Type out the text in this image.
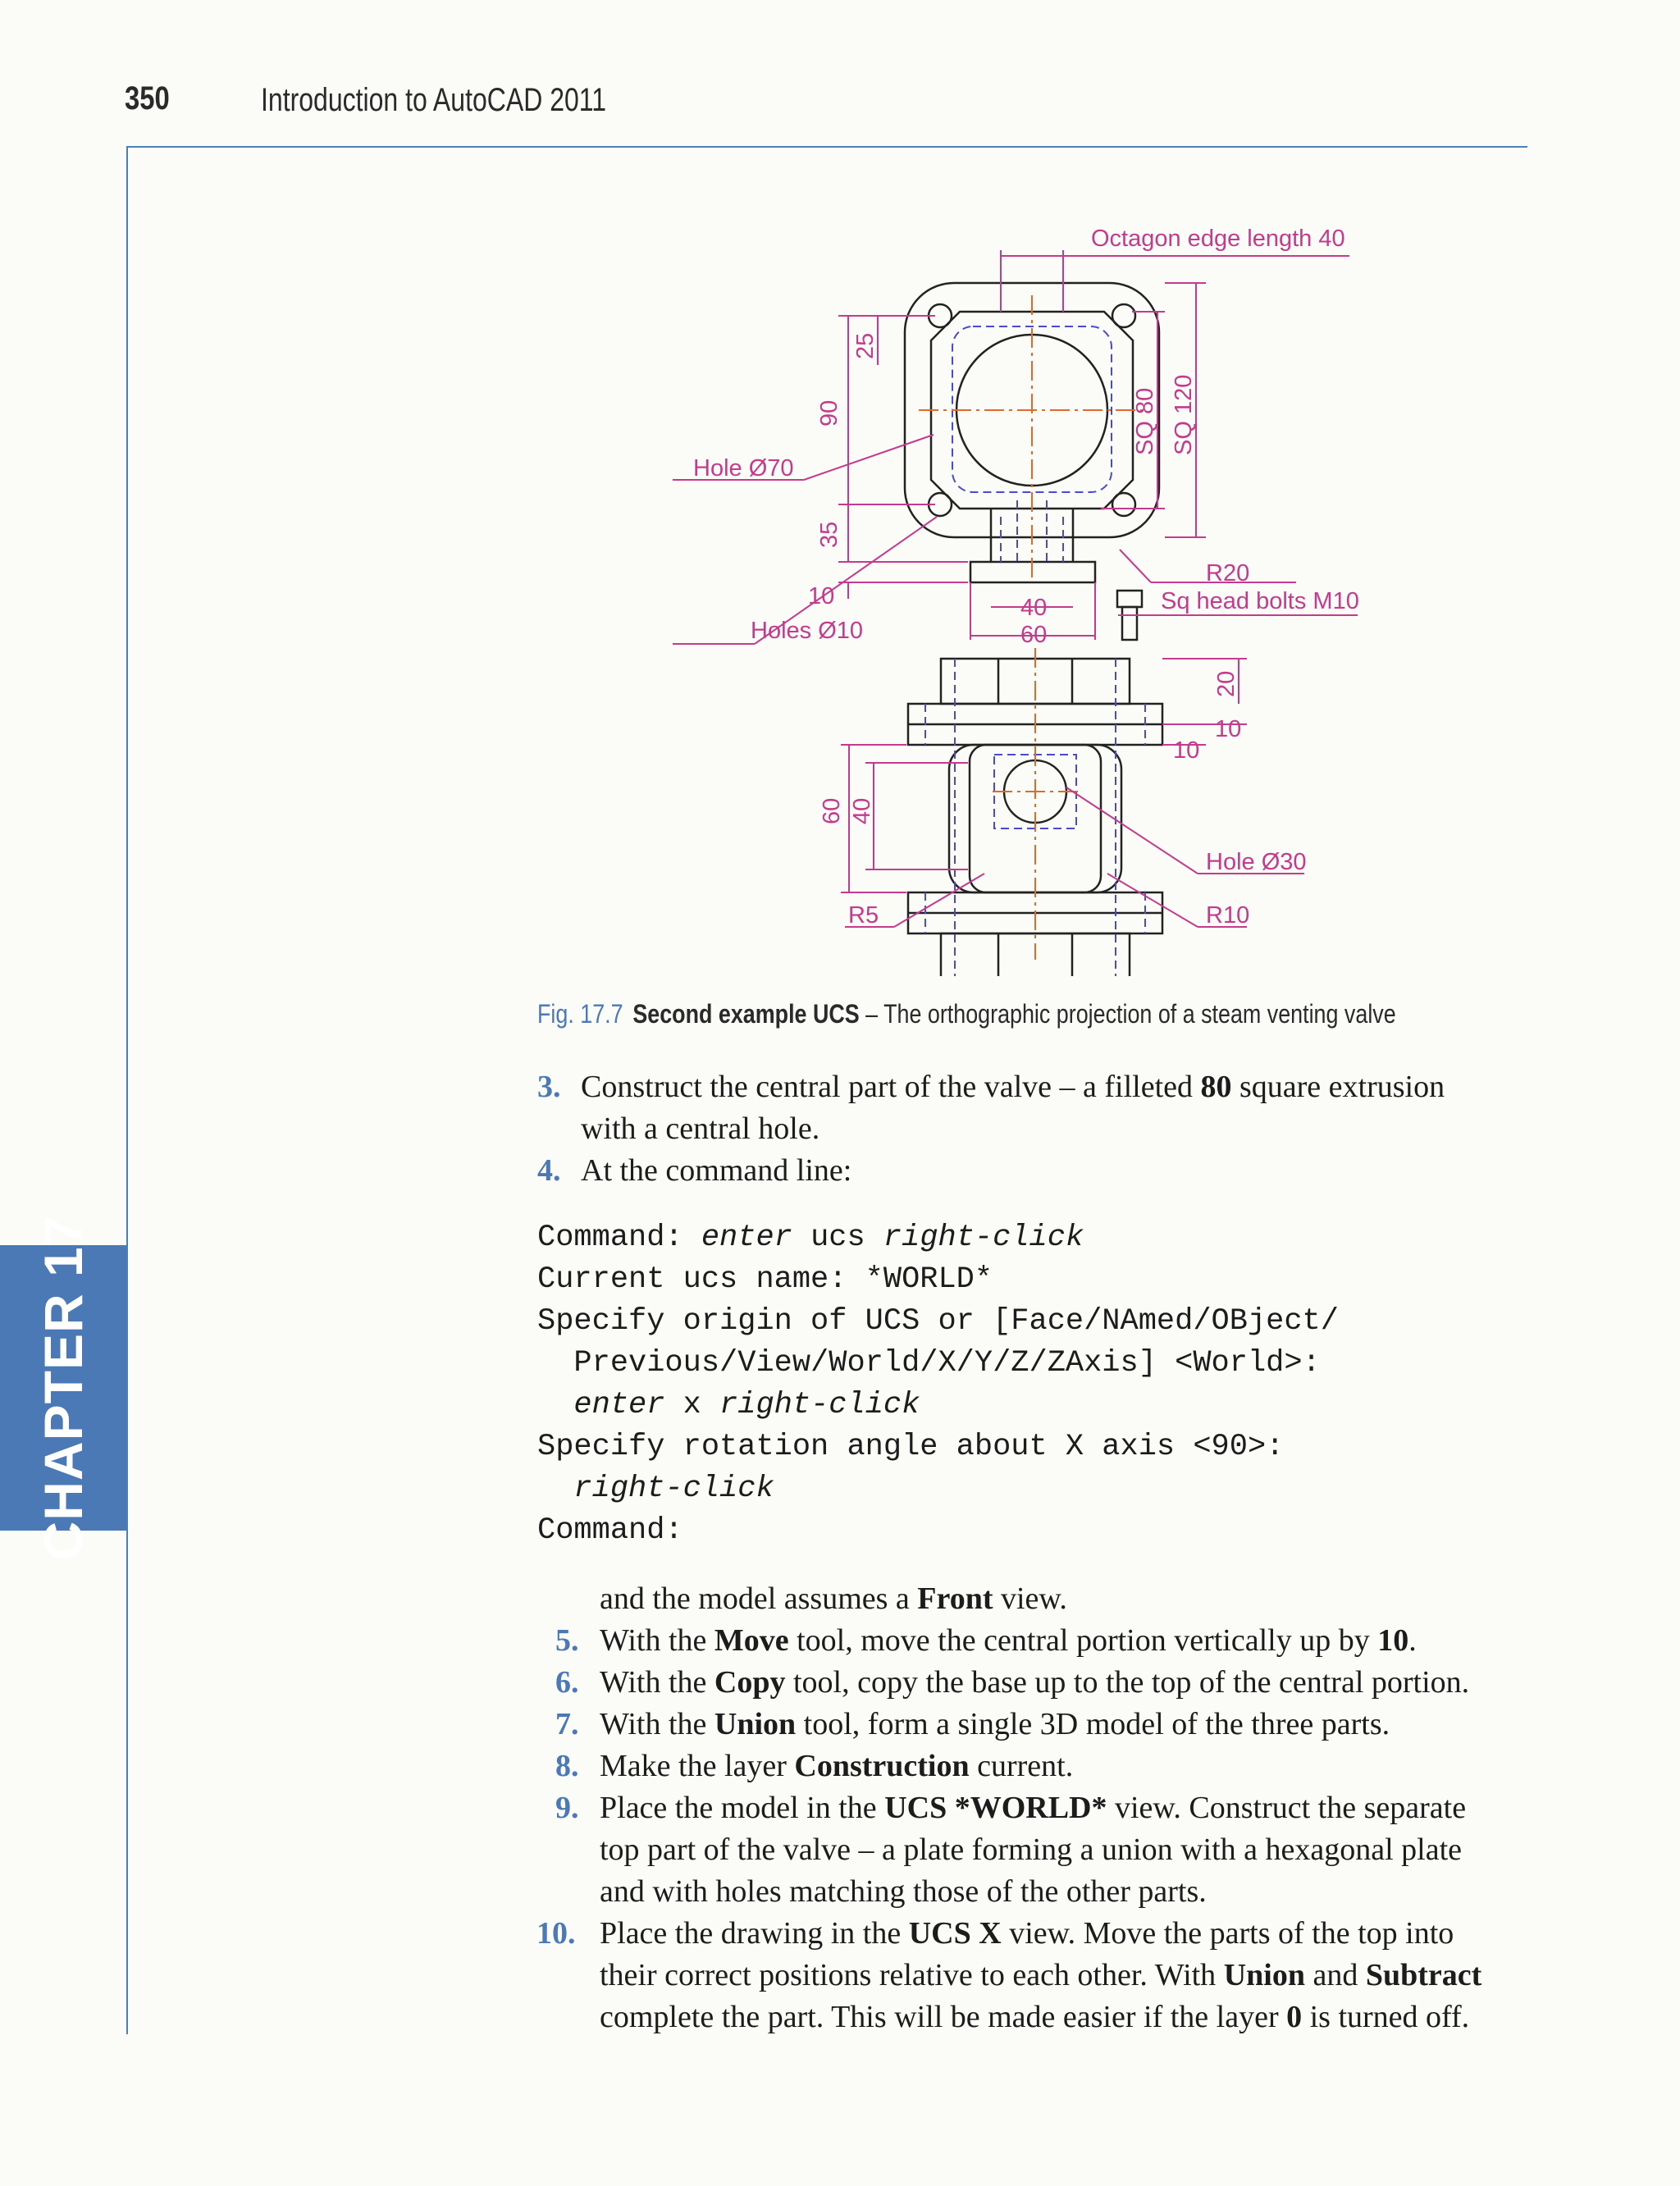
350	Introduction to AutoCAD 2011
CHAPTER 17
Octagon edge length 40
Hole Ø70
Holes Ø10
R20
Sq head bolts M10
SQ 80 SQ 120
25
90
35
10	40
60
20
10
10
60 40
Hole Ø30
R5	R10
Fig. 17.7 Second example UCS – The orthographic projection of a steam venting valve
3. Construct the central part of the valve – a filleted 80 square extrusion
with a central hole.
4. At the command line:
Command: enter ucs right-click
Current ucs name: *WORLD*
Specify origin of UCS or [Face/NAmed/OBject/
Previous/View/World/X/Y/Z/ZAxis] <World>:
enter x right-click
Specify rotation angle about X axis <90>:
right-click
Command:
and the model assumes a Front view.
5. With the Move tool, move the central portion vertically up by 10.
6. With the Copy tool, copy the base up to the top of the central portion.
7. With the Union tool, form a single 3D model of the three parts.
8. Make the layer Construction current.
9. Place the model in the UCS *WORLD* view. Construct the separate
top part of the valve – a plate forming a union with a hexagonal plate
and with holes matching those of the other parts.
10. Place the drawing in the UCS X view. Move the parts of the top into
their correct positions relative to each other. With Union and Subtract
complete the part. This will be made easier if the layer 0 is turned off.
